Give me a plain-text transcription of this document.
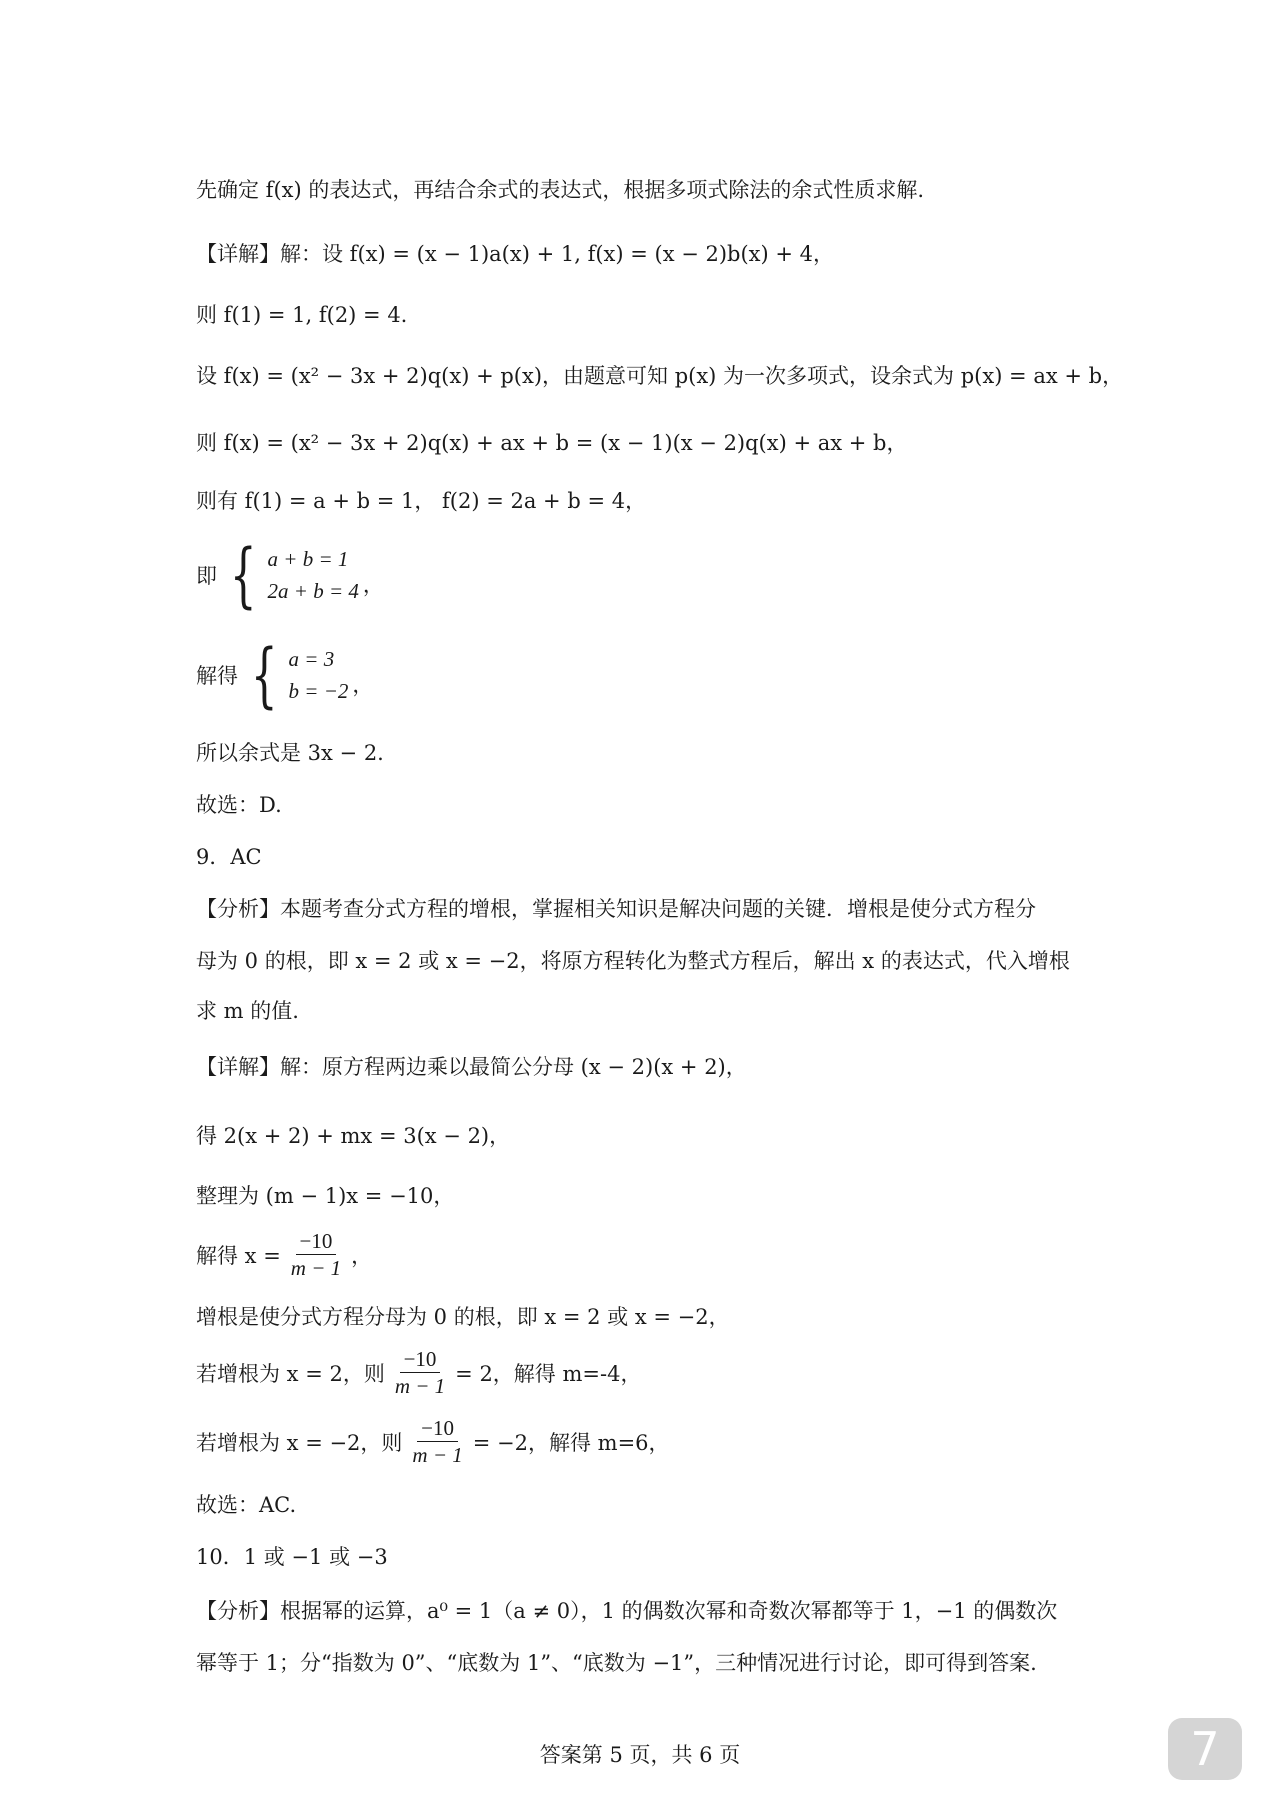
先确定 f(x) 的表达式，再结合余式的表达式，根据多项式除法的余式性质求解.
【详解】解：设 f(x) = (x − 1)a(x) + 1, f(x) = (x − 2)b(x) + 4，
则 f(1) = 1, f(2) = 4.
设 f(x) = (x² − 3x + 2)q(x) + p(x)，由题意可知 p(x) 为一次多项式，设余式为 p(x) = ax + b，
则 f(x) = (x² − 3x + 2)q(x) + ax + b = (x − 1)(x − 2)q(x) + ax + b，
则有 f(1) = a + b = 1， f(2) = 2a + b = 4，
即 { a + b = 1
2a + b = 4 ，
解得 { a = 3
b = −2 ，
所以余式是 3x − 2.
故选：D.
9．AC
【分析】本题考查分式方程的增根，掌握相关知识是解决问题的关键．增根是使分式方程分
母为 0 的根，即 x = 2 或 x = −2，将原方程转化为整式方程后，解出 x 的表达式，代入增根
求 m 的值.
【详解】解：原方程两边乘以最简公分母 (x − 2)(x + 2)，
得 2(x + 2) + mx = 3(x − 2)，
整理为 (m − 1)x = −10，
解得 $x = \frac{-10}{m - 1}$ ，
增根是使分式方程分母为 0 的根，即 x = 2 或 x = −2，
若增根为 x = 2，则 $\frac{-10}{m - 1} = 2$，解得 m=-4，
若增根为 x = −2，则 $\frac{-10}{m - 1} = -2$，解得 m=6，
故选：AC.
10．1 或 −1 或 −3
【分析】根据幂的运算，a⁰ = 1（a ≠ 0），1 的偶数次幂和奇数次幂都等于 1，−1 的偶数次
幂等于 1；分“指数为 0”、“底数为 1”、“底数为 −1”，三种情况进行讨论，即可得到答案.
答案第 5 页，共 6 页	7
